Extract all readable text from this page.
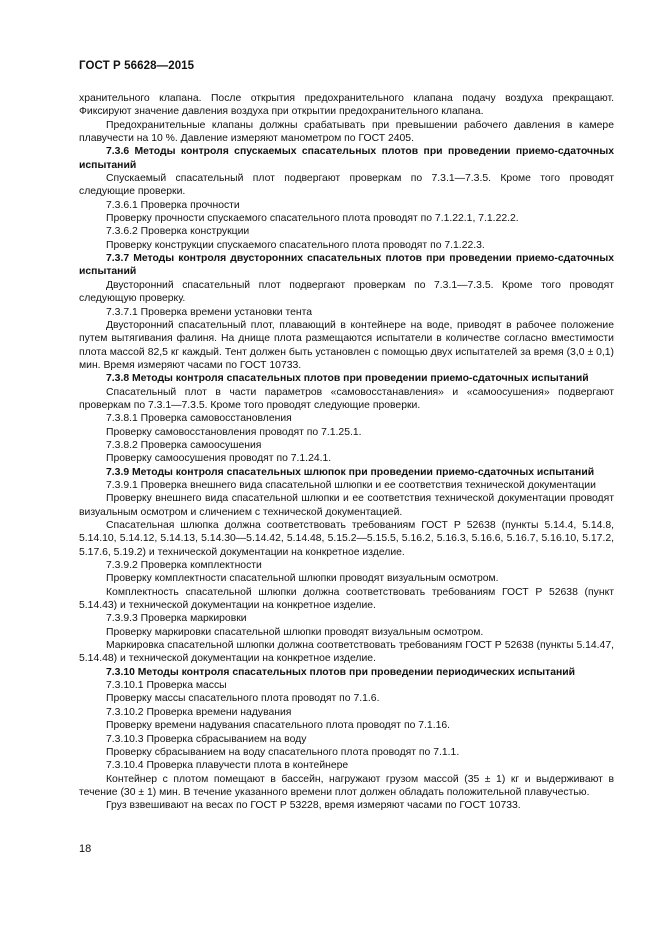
ГОСТ Р 56628—2015

хранительного клапана. После открытия предохранительного клапана подачу воздуха прекращают. Фиксируют значение давления воздуха при открытии предохранительного клапана.

Предохранительные клапаны должны срабатывать при превышении рабочего давления в камере плавучести на 10 %. Давление измеряют манометром по ГОСТ 2405.

7.3.6 Методы контроля спускаемых спасательных плотов при проведении приемо-сдаточных испытаний

Спускаемый спасательный плот подвергают проверкам по 7.3.1—7.3.5. Кроме того проводят следующие проверки.

7.3.6.1 Проверка прочности

Проверку прочности спускаемого спасательного плота проводят по 7.1.22.1, 7.1.22.2.

7.3.6.2 Проверка конструкции

Проверку конструкции спускаемого спасательного плота проводят по 7.1.22.3.

7.3.7 Методы контроля двусторонних спасательных плотов при проведении приемо-сдаточных испытаний

Двусторонний спасательный плот подвергают проверкам по 7.3.1—7.3.5. Кроме того проводят следующую проверку.

7.3.7.1 Проверка времени установки тента

Двусторонний спасательный плот, плавающий в контейнере на воде, приводят в рабочее положение путем вытягивания фалиня. На днище плота размещаются испытатели в количестве согласно вместимости плота массой 82,5 кг каждый. Тент должен быть установлен с помощью двух испытателей за время (3,0 ± 0,1) мин. Время измеряют часами по ГОСТ 10733.

7.3.8 Методы контроля спасательных плотов при проведении приемо-сдаточных испытаний

Спасательный плот в части параметров «самовосстанавления» и «самоосушения» подвергают проверкам по 7.3.1—7.3.5. Кроме того проводят следующие проверки.

7.3.8.1 Проверка самовосстановления

Проверку самовосстановления проводят по 7.1.25.1.

7.3.8.2 Проверка самоосушения

Проверку самоосушения проводят по 7.1.24.1.

7.3.9 Методы контроля спасательных шлюпок при проведении приемо-сдаточных испытаний

7.3.9.1 Проверка внешнего вида спасательной шлюпки и ее соответствия технической документации

Проверку внешнего вида спасательной шлюпки и ее соответствия технической документации проводят визуальным осмотром и сличением с технической документацией.

Спасательная шлюпка должна соответствовать требованиям ГОСТ Р 52638 (пункты 5.14.4, 5.14.8, 5.14.10, 5.14.12, 5.14.13, 5.14.30—5.14.42, 5.14.48, 5.15.2—5.15.5, 5.16.2, 5.16.3, 5.16.6, 5.16.7, 5.16.10, 5.17.2, 5.17.6, 5.19.2) и технической документации на конкретное изделие.

7.3.9.2 Проверка комплектности

Проверку комплектности спасательной шлюпки проводят визуальным осмотром.

Комплектность спасательной шлюпки должна соответствовать требованиям ГОСТ Р 52638 (пункт 5.14.43) и технической документации на конкретное изделие.

7.3.9.3 Проверка маркировки

Проверку маркировки спасательной шлюпки проводят визуальным осмотром.

Маркировка спасательной шлюпки должна соответствовать требованиям ГОСТ Р 52638 (пункты 5.14.47, 5.14.48) и технической документации на конкретное изделие.

7.3.10 Методы контроля спасательных плотов при проведении периодических испытаний

7.3.10.1 Проверка массы

Проверку массы спасательного плота проводят по 7.1.6.

7.3.10.2 Проверка времени надувания

Проверку времени надувания спасательного плота проводят по 7.1.16.

7.3.10.3 Проверка сбрасыванием на воду

Проверку сбрасыванием на воду спасательного плота проводят по 7.1.1.

7.3.10.4 Проверка плавучести плота в контейнере

Контейнер с плотом помещают в бассейн, нагружают грузом массой (35 ± 1) кг и выдерживают в течение (30 ± 1) мин. В течение указанного времени плот должен обладать положительной плавучестью.

Груз взвешивают на весах по ГОСТ Р 53228, время измеряют часами по ГОСТ 10733.

18
